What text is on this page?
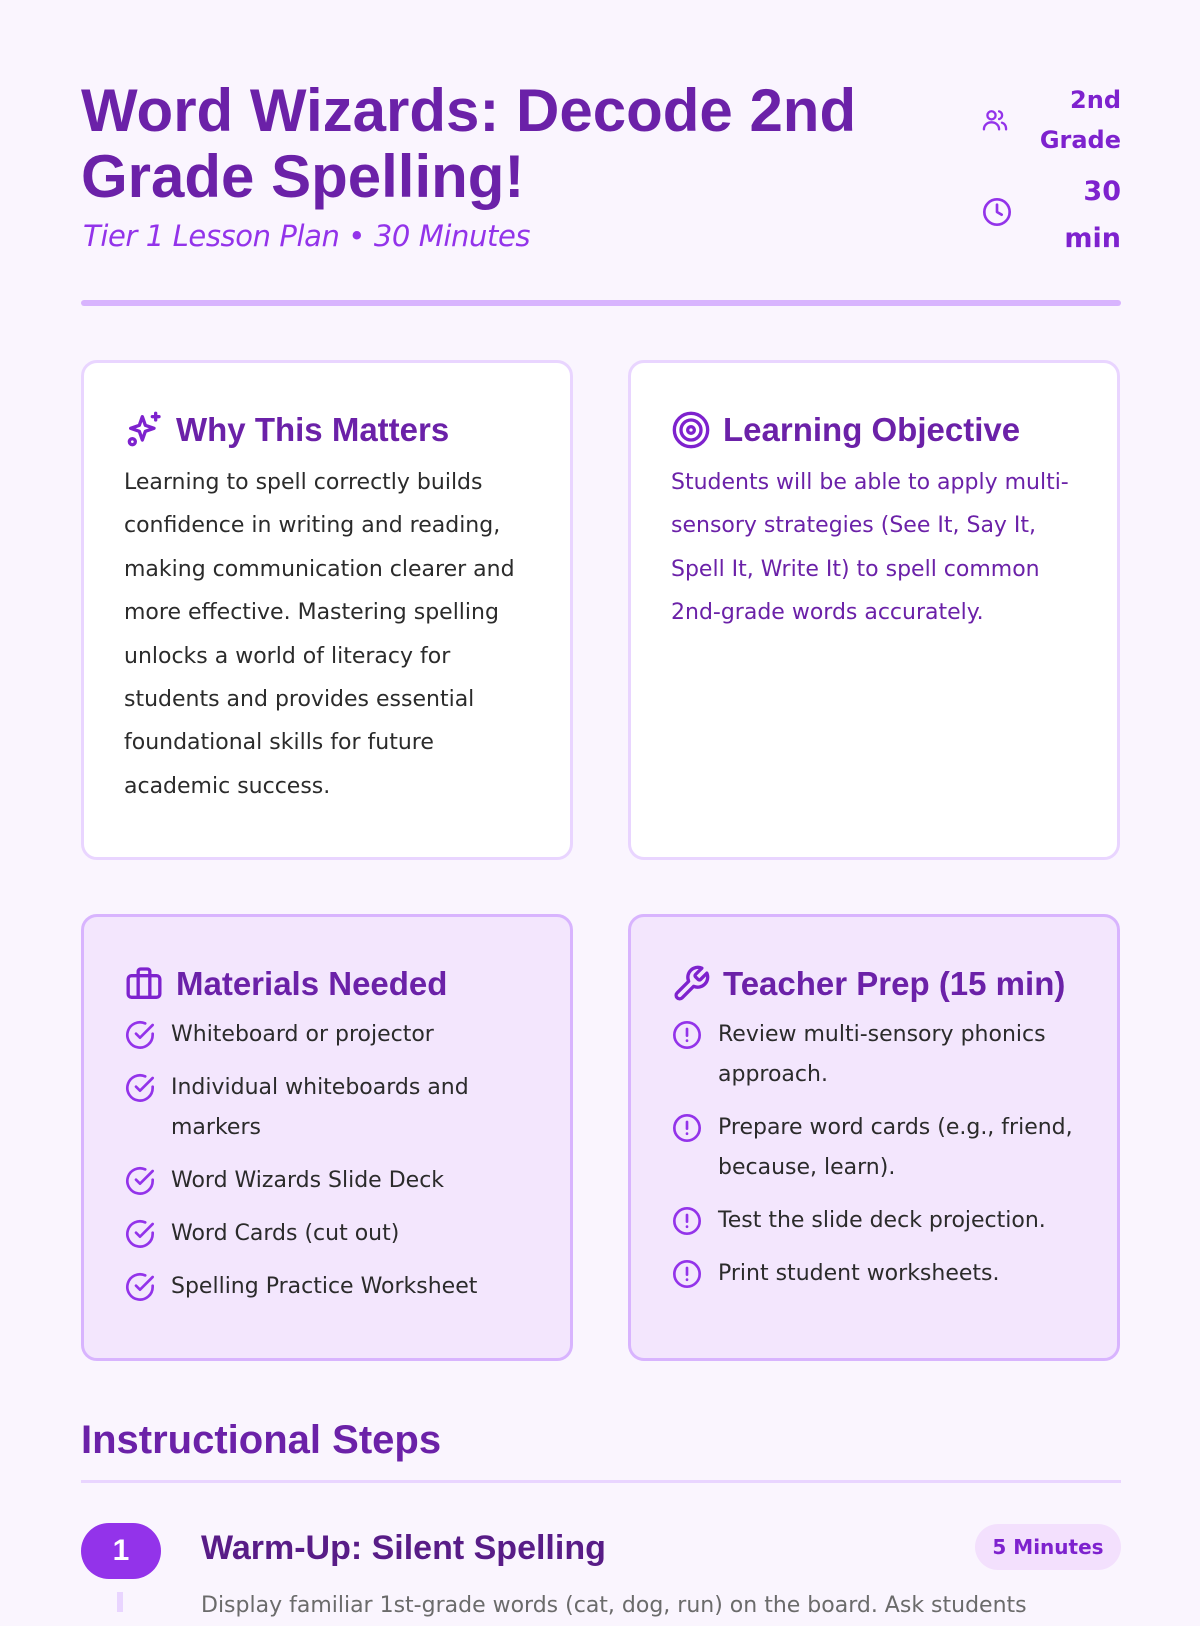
Word Wizards: Decode 2nd Grade Spelling!
Tier 1 Lesson Plan • 30 Minutes
2nd
Grade
30
min
Why This Matters

Learning to spell correctly builds confidence in writing and reading, making communication clearer and more effective. Mastering spelling unlocks a world of literacy for students and provides essential foundational skills for future academic success.

Learning Objective

Students will be able to apply multi-sensory strategies (See It, Say It, Spell It, Write It) to spell common 2nd-grade words accurately.

Materials Needed
Whiteboard or projector
Individual whiteboards and markers
Word Wizards Slide Deck
Word Cards (cut out)
Spelling Practice Worksheet
Teacher Prep (15 min)
Review multi-sensory phonics approach.
Prepare word cards (e.g., friend, because, learn).
Test the slide deck projection.
Print student worksheets.
Instructional Steps
1	Warm-Up: Silent Spelling	5 Minutes
Display familiar 1st-grade words (cat, dog, run) on the board. Ask students
